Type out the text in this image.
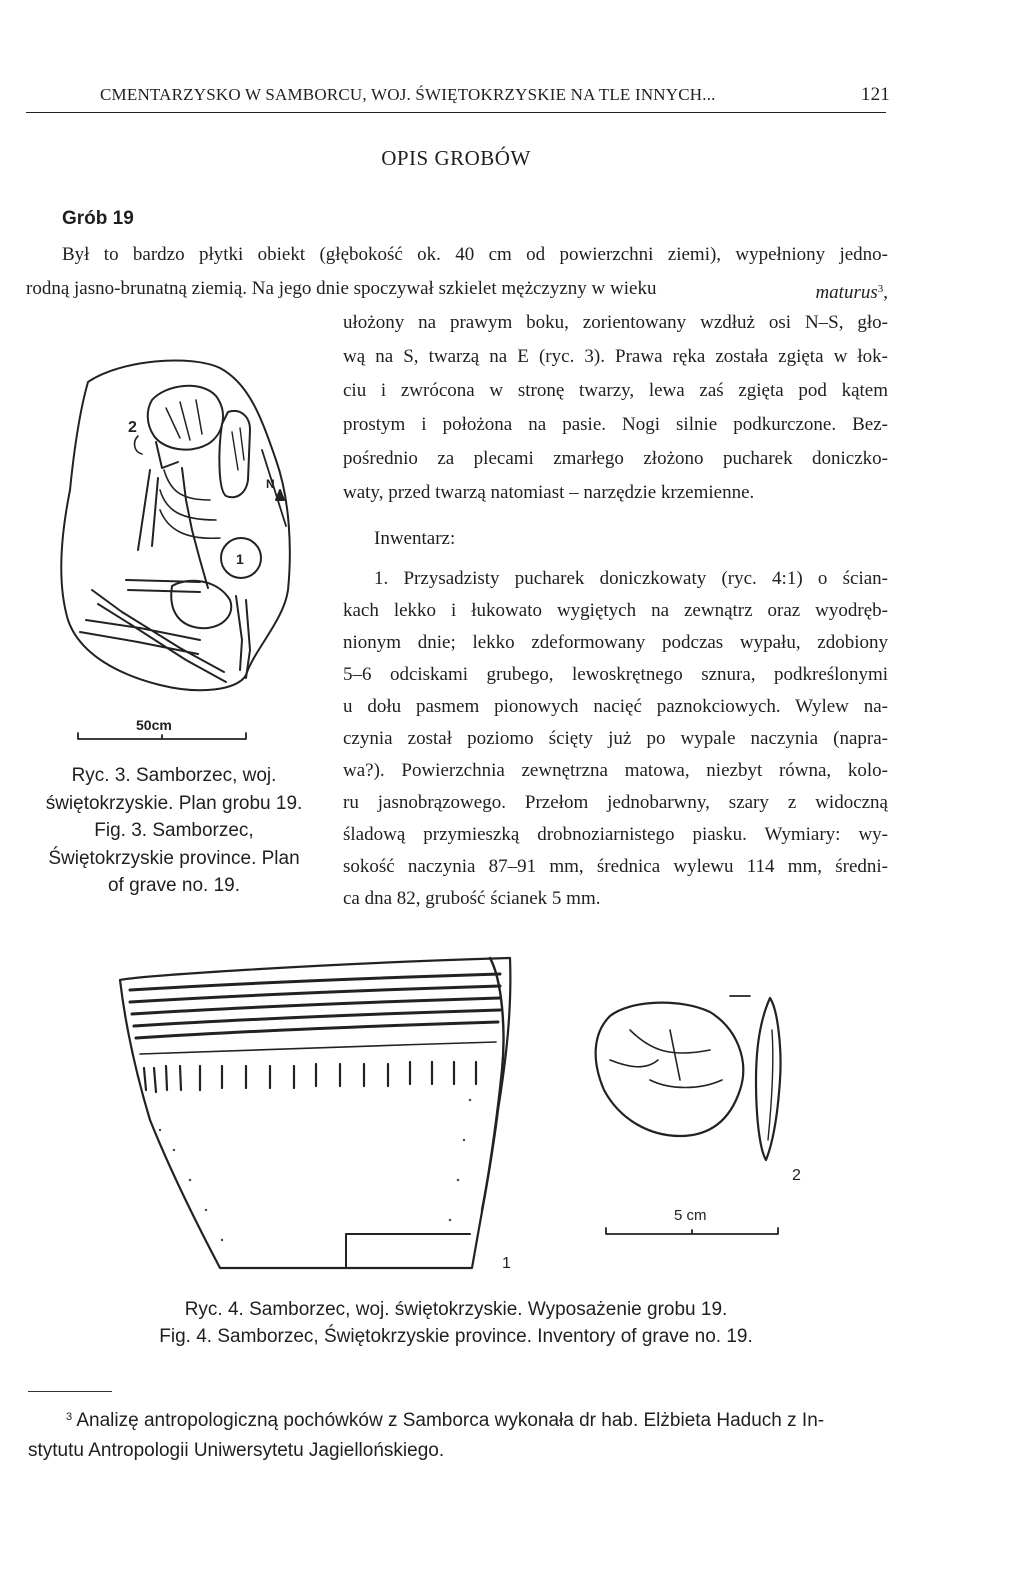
CMENTARZYSKO W SAMBORCU, WOJ. ŚWIĘTOKRZYSKIE NA TLE INNYCH...	121
OPIS GROBÓW
Grób 19
Był to bardzo płytki obiekt (głębokość ok. 40 cm od powierzchni ziemi), wypełniony jedno-
rodną jasno-brunatną ziemią. Na jego dnie spoczywał szkielet mężczyzny w wieku	maturus$^3$,
ułożony na prawym boku, zorientowany wzdłuż osi N–S, gło-
wą na S, twarzą na E (ryc. 3). Prawa ręka została zgięta w łok-
ciu i zwrócona w stronę twarzy, lewa zaś zgięta pod kątem
prostym i położona na pasie. Nogi silnie podkurczone. Bez-
pośrednio za plecami zmarłego złożono pucharek doniczko-
waty, przed twarzą natomiast – narzędzie krzemienne.
Inwentarz:
1. Przysadzisty pucharek doniczkowaty (ryc. 4:1) o ścian-
kach lekko i łukowato wygiętych na zewnątrz oraz wyodręb-
nionym dnie; lekko zdeformowany podczas wypału, zdobiony
5–6 odciskami grubego, lewoskrętnego sznura, podkreślonymi
u dołu pasmem pionowych nacięć paznokciowych. Wylew na-
czynia został poziomo ścięty już po wypale naczynia (napra-
wa?). Powierzchnia zewnętrzna matowa, niezbyt równa, kolo-
ru jasnobrązowego. Przełom jednobarwny, szary z widoczną
śladową przymieszką drobnoziarnistego piasku. Wymiary: wy-
sokość naczynia 87–91 mm, średnica wylewu 114 mm, średni-
ca dna 82, grubość ścianek 5 mm.
2
1
N
50cm
Ryc. 3. Samborzec, woj.
świętokrzyskie. Plan grobu 19.
Fig. 3. Samborzec,
Świętokrzyskie province. Plan
of grave no. 19.
1
2
5 cm
Ryc. 4. Samborzec, woj. świętokrzyskie. Wyposażenie grobu 19.
Fig. 4. Samborzec, Świętokrzyskie province. Inventory of grave no. 19.
$^3$ Analizę antropologiczną pochówków z Samborca wykonała dr hab. Elżbieta Haduch z In-
stytutu Antropologii Uniwersytetu Jagiellońskiego.
